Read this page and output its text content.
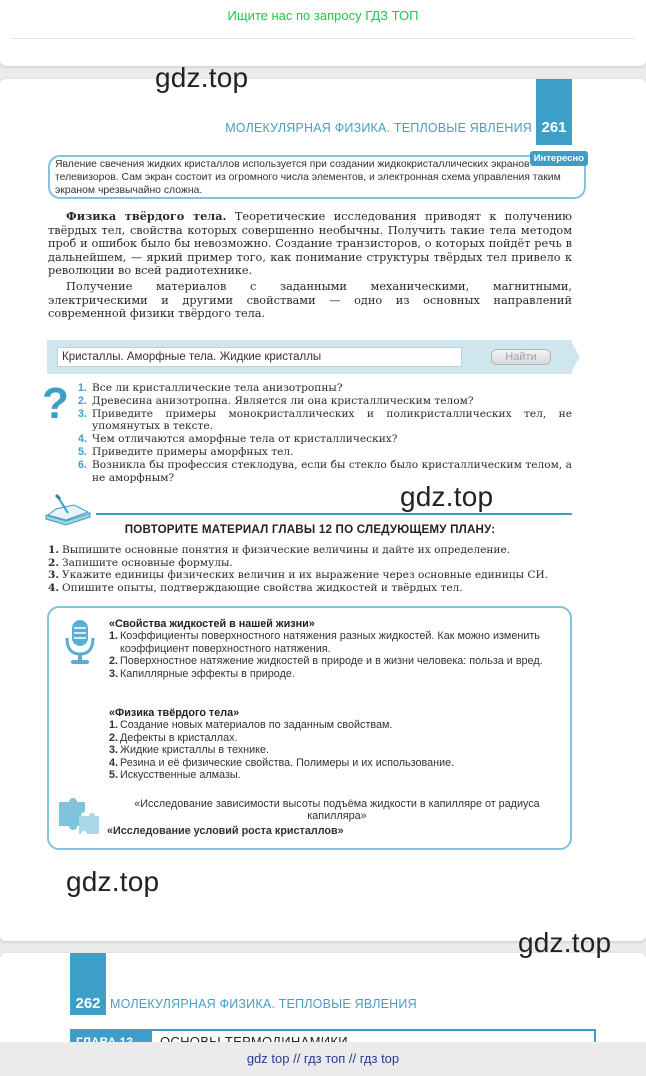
Ищите нас по запросу ГДЗ ТОП
gdz.top
МОЛЕКУЛЯРНАЯ ФИЗИКА. ТЕПЛОВЫЕ ЯВЛЕНИЯ 261
Явление свечения жидких кристаллов используется при создании жидкокристаллических экранов телевизоров. Сам экран состоит из огромного числа элементов, и электронная схема управления таким экраном чрезвычайно сложна.
Интересно
Физика твёрдого тела. Теоретические исследования приводят к получению твёрдых тел, свойства которых совершенно необычны. Получить такие тела методом проб и ошибок было бы невозможно. Создание транзисторов, о которых пойдёт речь в дальнейшем, — яркий пример того, как понимание структуры твёрдых тел привело к революции во всей радиотехнике.
Получение материалов с заданными механическими, магнитными, электрическими и другими свойствами — одно из основных направлений современной физики твёрдого тела.
Кристаллы. Аморфные тела. Жидкие кристаллы	Найти
? 1. Все ли кристаллические тела анизотропны?
2. Древесина анизотропна. Является ли она кристаллическим телом?
3. Приведите примеры монокристаллических и поликристаллических тел, не упомянутых в тексте.
4. Чем отличаются аморфные тела от кристаллических?
5. Приведите примеры аморфных тел.
6. Возникла бы профессия стеклодува, если бы стекло было кристаллическим телом, а не аморфным?
gdz.top
ПОВТОРИТЕ МАТЕРИАЛ ГЛАВЫ 12 ПО СЛЕДУЮЩЕМУ ПЛАНУ:
1. Выпишите основные понятия и физические величины и дайте их определение.
2. Запишите основные формулы.
3. Укажите единицы физических величин и их выражение через основные единицы СИ.
4. Опишите опыты, подтверждающие свойства жидкостей и твёрдых тел.
«Свойства жидкостей в нашей жизни»
1. Коэффициенты поверхностного натяжения разных жидкостей. Как можно изменить коэффициент поверхностного натяжения.
2. Поверхностное натяжение жидкостей в природе и в жизни человека: польза и вред.
3. Капиллярные эффекты в природе.
«Физика твёрдого тела»
1. Создание новых материалов по заданным свойствам.
2. Дефекты в кристаллах.
3. Жидкие кристаллы в технике.
4. Резина и её физические свойства. Полимеры и их использование.
5. Искусственные алмазы.
«Исследование зависимости высоты подъёма жидкости в капилляре от радиуса капилляра»
«Исследование условий роста кристаллов»
gdz.top
gdz.top
262 МОЛЕКУЛЯРНАЯ ФИЗИКА. ТЕПЛОВЫЕ ЯВЛЕНИЯ
gdz top // гдз топ // гдз top
